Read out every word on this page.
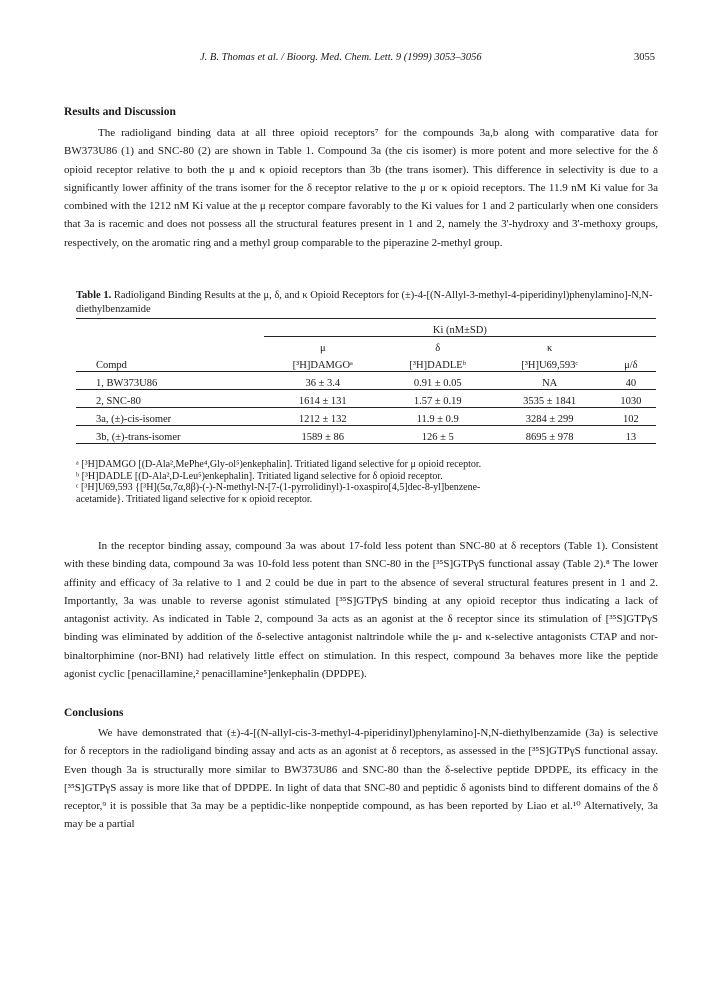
J. B. Thomas et al. / Bioorg. Med. Chem. Lett. 9 (1999) 3053–3056	3055
Results and Discussion

The radioligand binding data at all three opioid receptors⁷ for the compounds 3a,b along with comparative data for BW373U86 (1) and SNC-80 (2) are shown in Table 1. Compound 3a (the cis isomer) is more potent and more selective for the δ opioid receptor relative to both the μ and κ opioid receptors than 3b (the trans isomer). This difference in selectivity is due to a significantly lower affinity of the trans isomer for the δ receptor relative to the μ or κ opioid receptors. The 11.9 nM Ki value for 3a combined with the 1212 nM Ki value at the μ receptor compare favorably to the Ki values for 1 and 2 particularly when one considers that 3a is racemic and does not possess all the structural features present in 1 and 2, namely the 3'-hydroxy and 3'-methoxy groups, respectively, on the aromatic ring and a methyl group comparable to the piperazine 2-methyl group.

Table 1. Radioligand Binding Results at the μ, δ, and κ Opioid Receptors for (±)-4-[(N-Allyl-3-methyl-4-piperidinyl)phenylamino]-N,N-diethylbenzamide
	Ki (nM±SD)			
	μ	δ	κ	
Compd	[³H]DAMGOᵃ	[³H]DADLEᵇ	[³H]U69,593ᶜ	μ/δ
1, BW373U86	36 ± 3.4	0.91 ± 0.05	NA	40
2, SNC-80	1614 ± 131	1.57 ± 0.19	3535 ± 1841	1030
3a, (±)-cis-isomer	1212 ± 132	11.9 ± 0.9	3284 ± 299	102
3b, (±)-trans-isomer	1589 ± 86	126 ± 5	8695 ± 978	13
ᵃ [³H]DAMGO [(D-Ala²,MePhe⁴,Gly-ol⁵)enkephalin]. Tritiated ligand selective for μ opioid receptor.
ᵇ [³H]DADLE [(D-Ala²,D-Leu⁵)enkephalin]. Tritiated ligand selective for δ opioid receptor.
ᶜ [³H]U69,593 {[³H](5α,7α,8β)-(-)-N-methyl-N-[7-(1-pyrrolidinyl)-1-oxaspiro[4,5]dec-8-yl]benzene-
acetamide}. Tritiated ligand selective for κ opioid receptor.

In the receptor binding assay, compound 3a was about 17-fold less potent than SNC-80 at δ receptors (Table 1). Consistent with these binding data, compound 3a was 10-fold less potent than SNC-80 in the [³⁵S]GTPγS functional assay (Table 2).⁸ The lower affinity and efficacy of 3a relative to 1 and 2 could be due in part to the absence of several structural features present in 1 and 2. Importantly, 3a was unable to reverse agonist stimulated [³⁵S]GTPγS binding at any opioid receptor thus indicating a lack of antagonist activity. As indicated in Table 2, compound 3a acts as an agonist at the δ receptor since its stimulation of [³⁵S]GTPγS binding was eliminated by addition of the δ-selective antagonist naltrindole while the μ- and κ-selective antagonists CTAP and nor-binaltorphimine (nor-BNI) had relatively little effect on stimulation. In this respect, compound 3a behaves more like the peptide agonist cyclic [penacillamine,² penacillamine⁵]enkephalin (DPDPE).

Conclusions

We have demonstrated that (±)-4-[(N-allyl-cis-3-methyl-4-piperidinyl)phenylamino]-N,N-diethylbenzamide (3a) is selective for δ receptors in the radioligand binding assay and acts as an agonist at δ receptors, as assessed in the [³⁵S]GTPγS functional assay. Even though 3a is structurally more similar to BW373U86 and SNC-80 than the δ-selective peptide DPDPE, its efficacy in the [³⁵S]GTPγS assay is more like that of DPDPE. In light of data that SNC-80 and peptidic δ agonists bind to different domains of the δ receptor,⁹ it is possible that 3a may be a peptidic-like nonpeptide compound, as has been reported by Liao et al.¹⁰ Alternatively, 3a may be a partial
